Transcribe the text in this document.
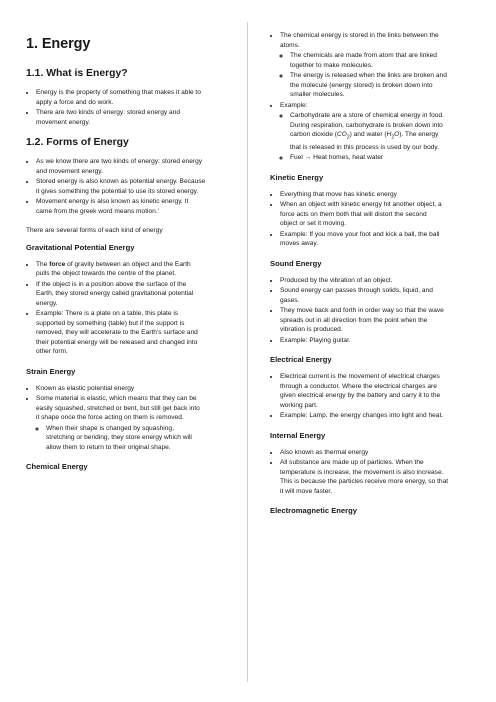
1. Energy
1.1. What is Energy?
• Energy is the property of something that makes it able to
apply a force and do work.
• There are two kinds of energy: stored energy and
movement energy.
1.2. Forms of Energy
• As we know there are two kinds of energy: stored energy
and movement energy.
• Stored energy is also known as potential energy. Because
it gives something the potential to use its stored energy.
• Movement energy is also known as kinetic energy. It
came from the greek word means motion.'

There are several forms of each kind of energy

Gravitational Potential Energy
• The force of gravity between an object and the Earth
pulls the object towards the centre of the planet.
• If the object is in a position above the surface of the
Earth, they stored energy called gravitational potential
energy.
• Example: There is a plate on a table, this plate is
supported by something (table) but if the support is
removed, they will accelerate to the Earth's surface and
their potential energy will be released and changed into
other form.
Strain Energy
• Known as elastic potential energy
• Some material is elastic, which means that they can be
easily squashed, stretched or bent, but still get back into
it shape once the force acting on them is removed.
◦ When their shape is changed by squashing,
stretching or bending, they store energy which will
allow them to return to their original shape.
Chemical Energy
• The chemical energy is stored in the links between the
atoms.
◦ The chemicals are made from atom that are linked
together to make molecules.
◦ The energy is released when the links are broken and
the molecule (energy stored) is broken down into
smaller molecules.
• Example:
◦ Carbohydrate are a store of chemical energy in food.
During respiration, carbohydrate is broken down into
carbon dioxide $(CO_2)$ and water $(H_2O)$. The energy
that is released in this process is used by our body.
◦ Fuel → Heat homes, heat water
Kinetic Energy
• Everything that move has kinetic energy
• When an object with kinetic energy hit another object, a
force acts on them both that will distort the second
object or set it moving.
• Example: If you move your foot and kick a ball, the ball
moves away.
Sound Energy
• Produced by the vibration of an object.
• Sound energy can passes through solids, liquid, and
gases.
• They move back and forth in order way so that the wave
spreads out in all direction from the point when the
vibration is produced.
• Example: Playing guitar.
Electrical Energy
• Electrical current is the movement of electrical charges
through a conductor. Where the electrical charges are
given electrical energy by the battery and carry it to the
working part.
• Example: Lamp, the energy changes into light and heat.
Internal Energy
• Also known as thermal energy
• All substance are made up of particles. When the
temperature is increase, the movement is also increase.
This is because the particles receive more energy, so that
it will move faster.
Electromagnetic Energy
